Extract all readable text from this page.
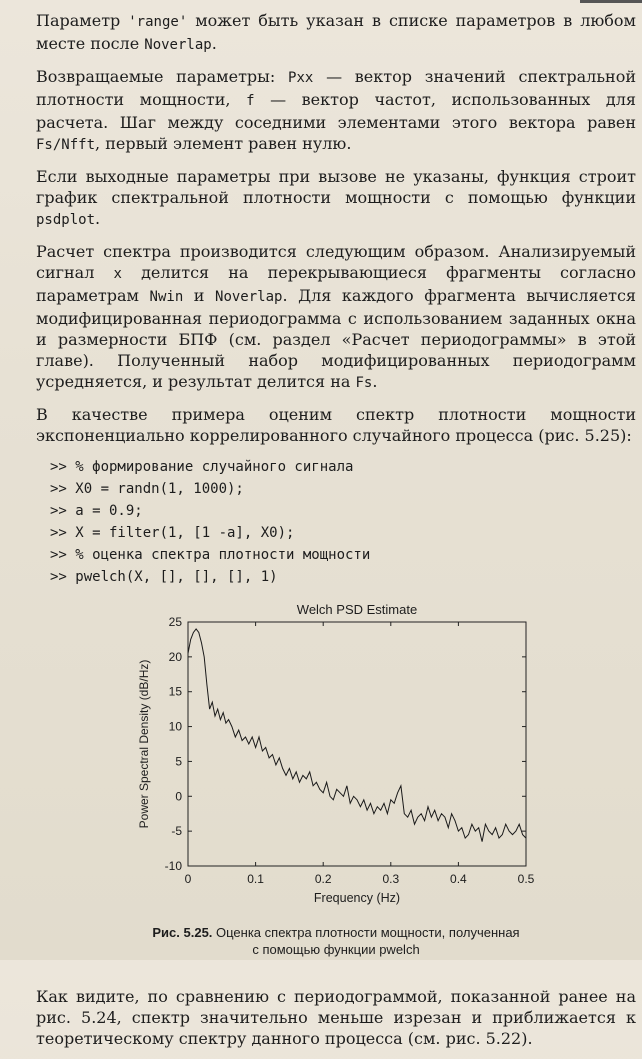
Параметр 'range' может быть указан в списке параметров в любом месте после Noverlap.

Возвращаемые параметры: Pxx — вектор значений спектральной плотности мощности, f — вектор частот, использованных для расчета. Шаг между соседними элементами этого вектора равен Fs/Nfft, первый элемент равен нулю.

Если выходные параметры при вызове не указаны, функция строит график спектральной плотности мощности с помощью функции psdplot.

Расчет спектра производится следующим образом. Анализируемый сигнал x делится на перекрывающиеся фрагменты согласно параметрам Nwin и Noverlap. Для каждого фрагмента вычисляется модифицированная периодограмма с использованием заданных окна и размерности БПФ (см. раздел «Расчет периодограммы» в этой главе). Полученный набор модифицированных периодограмм усредняется, и результат делится на Fs.

В качестве примера оценим спектр плотности мощности экспоненциально коррелированного случайного процесса (рис. 5.25):

>> % формирование случайного сигнала
>> X0 = randn(1, 1000);
>> a = 0.9;
>> X = filter(1, [1 -a], X0);
>> % оценка спектра плотности мощности
>> pwelch(X, [], [], [], 1)
Welch PSD Estimate
0	0.1	0.2	0.3	0.4	0.5
-10
-5
0
5
10
15
20
25
Frequency (Hz)
Power Spectral Density (dB/Hz)
Рис. 5.25. Оценка спектра плотности мощности, полученная
с помощью функции pwelch

Как видите, по сравнению с периодограммой, показанной ранее на рис. 5.24, спектр значительно меньше изрезан и приближается к теоретическому спектру данного процесса (см. рис. 5.22).
